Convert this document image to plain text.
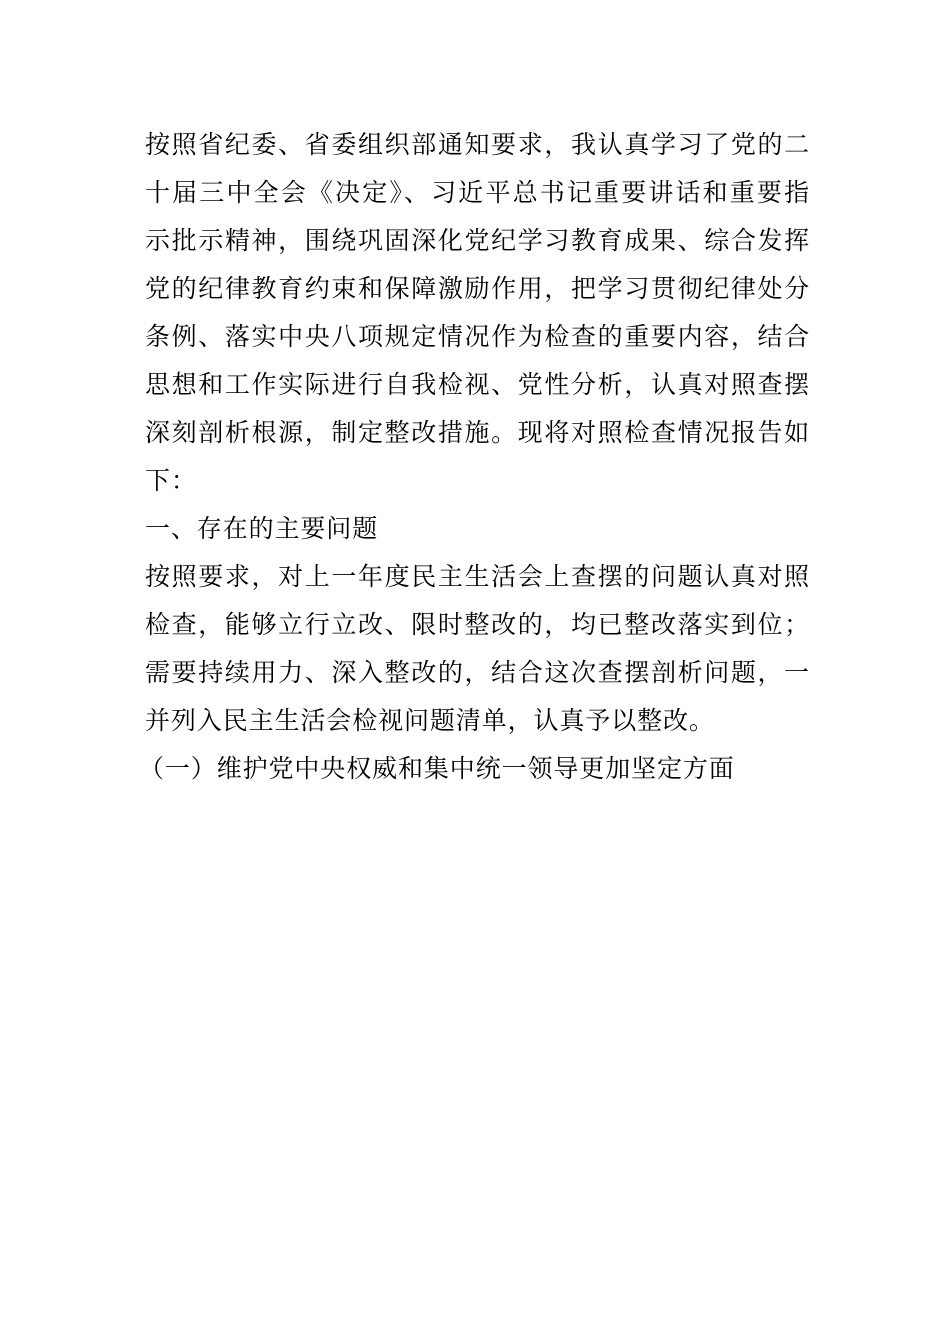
按照省纪委、省委组织部通知要求，我认真学习了党的二
十届三中全会《决定》、习近平总书记重要讲话和重要指
示批示精神，围绕巩固深化党纪学习教育成果、综合发挥
党的纪律教育约束和保障激励作用，把学习贯彻纪律处分
条例、落实中央八项规定情况作为检查的重要内容，结合
思想和工作实际进行自我检视、党性分析，认真对照查摆
深刻剖析根源，制定整改措施。现将对照检查情况报告如
下：
一、存在的主要问题
按照要求，对上一年度民主生活会上查摆的问题认真对照
检查，能够立行立改、限时整改的，均已整改落实到位；
需要持续用力、深入整改的，结合这次查摆剖析问题，一
并列入民主生活会检视问题清单，认真予以整改。
（一）维护党中央权威和集中统一领导更加坚定方面
